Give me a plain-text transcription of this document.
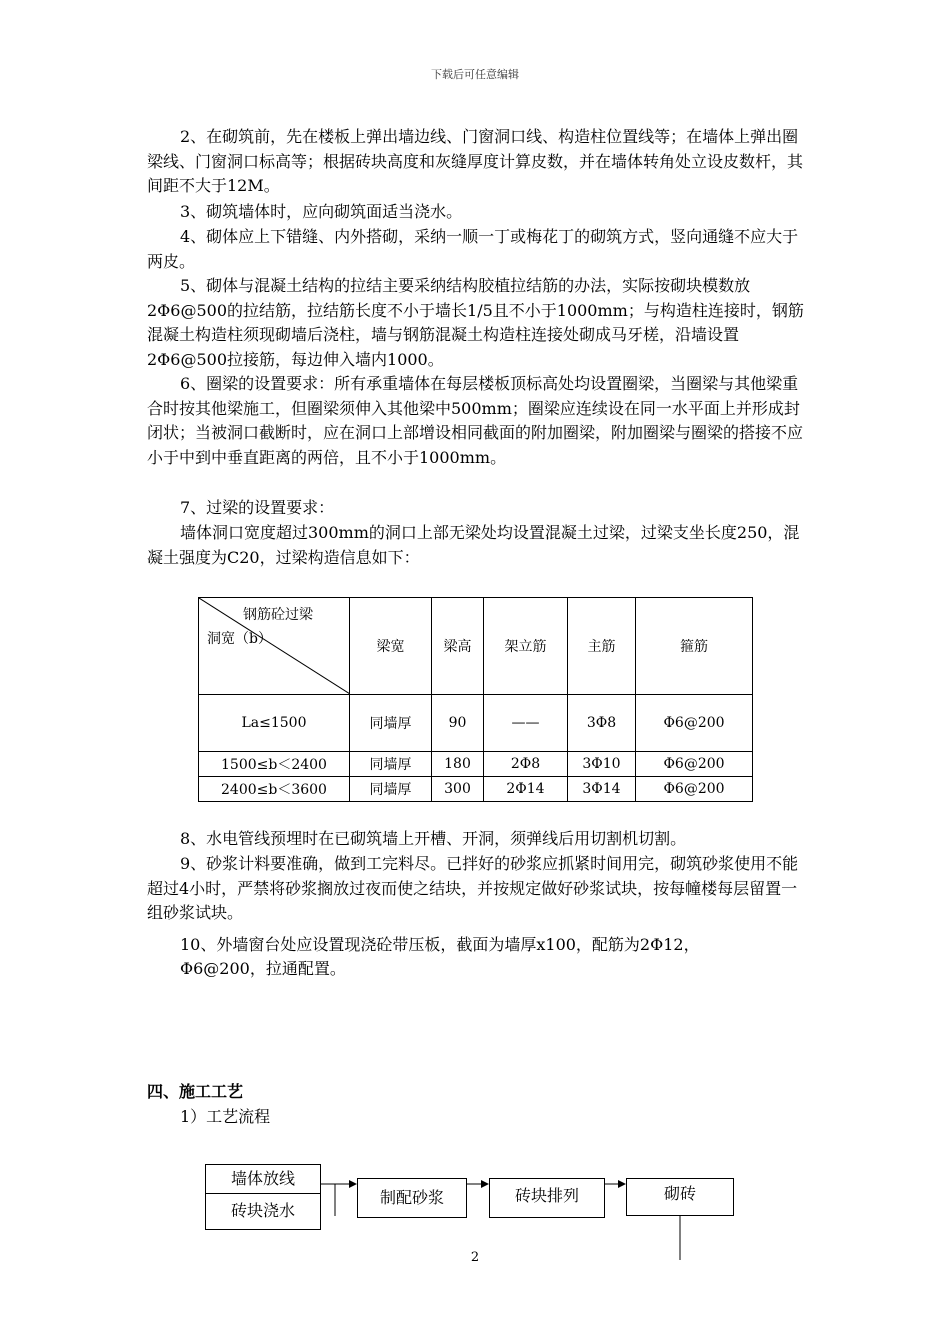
下载后可任意编辑

2、在砌筑前，先在楼板上弹出墙边线、门窗洞口线、构造柱位置线等；在墙体上弹出圈梁线、门窗洞口标高等；根据砖块高度和灰缝厚度计算皮数，并在墙体转角处立设皮数杆，其间距不大于12M。

3、砌筑墙体时，应向砌筑面适当浇水。

4、砌体应上下错缝、内外搭砌，采纳一顺一丁或梅花丁的砌筑方式，竖向通缝不应大于两皮。

5、砌体与混凝土结构的拉结主要采纳结构胶植拉结筋的办法，实际按砌块模数放2Φ6@500的拉结筋，拉结筋长度不小于墙长1/5且不小于1000mm；与构造柱连接时，钢筋混凝土构造柱须现砌墙后浇柱，墙与钢筋混凝土构造柱连接处砌成马牙槎，沿墙设置2Φ6@500拉接筋，每边伸入墙内1000。

6、圈梁的设置要求：所有承重墙体在每层楼板顶标高处均设置圈梁，当圈梁与其他梁重合时按其他梁施工，但圈梁须伸入其他梁中500mm；圈梁应连续设在同一水平面上并形成封闭状；当被洞口截断时，应在洞口上部增设相同截面的附加圈梁，附加圈梁与圈梁的搭接不应小于中到中垂直距离的两倍，且不小于1000mm。

7、过梁的设置要求：

墙体洞口宽度超过300mm的洞口上部无梁处均设置混凝土过梁，过梁支坐长度250，混凝土强度为C20，过梁构造信息如下：

钢筋砼过梁
洞宽（b）	梁宽	梁高	架立筋	主筋	箍筋
La≤1500	同墙厚	90	——	3Φ8	Φ6@200
1500≤b＜2400	同墙厚	180	2Φ8	3Φ10	Φ6@200
2400≤b＜3600	同墙厚	300	2Φ14	3Φ14	Φ6@200

8、水电管线预埋时在已砌筑墙上开槽、开洞，须弹线后用切割机切割。

9、砂浆计料要准确，做到工完料尽。已拌好的砂浆应抓紧时间用完，砌筑砂浆使用不能超过4小时，严禁将砂浆搁放过夜而使之结块，并按规定做好砂浆试块，按每幢楼每层留置一组砂浆试块。

10、外墙窗台处应设置现浇砼带压板，截面为墙厚x100，配筋为2Φ12，
Φ6@200，拉通配置。
四、施工工艺
1）工艺流程
墙体放线
砖块浇水
制配砂浆	砖块排列	砌砖
2
